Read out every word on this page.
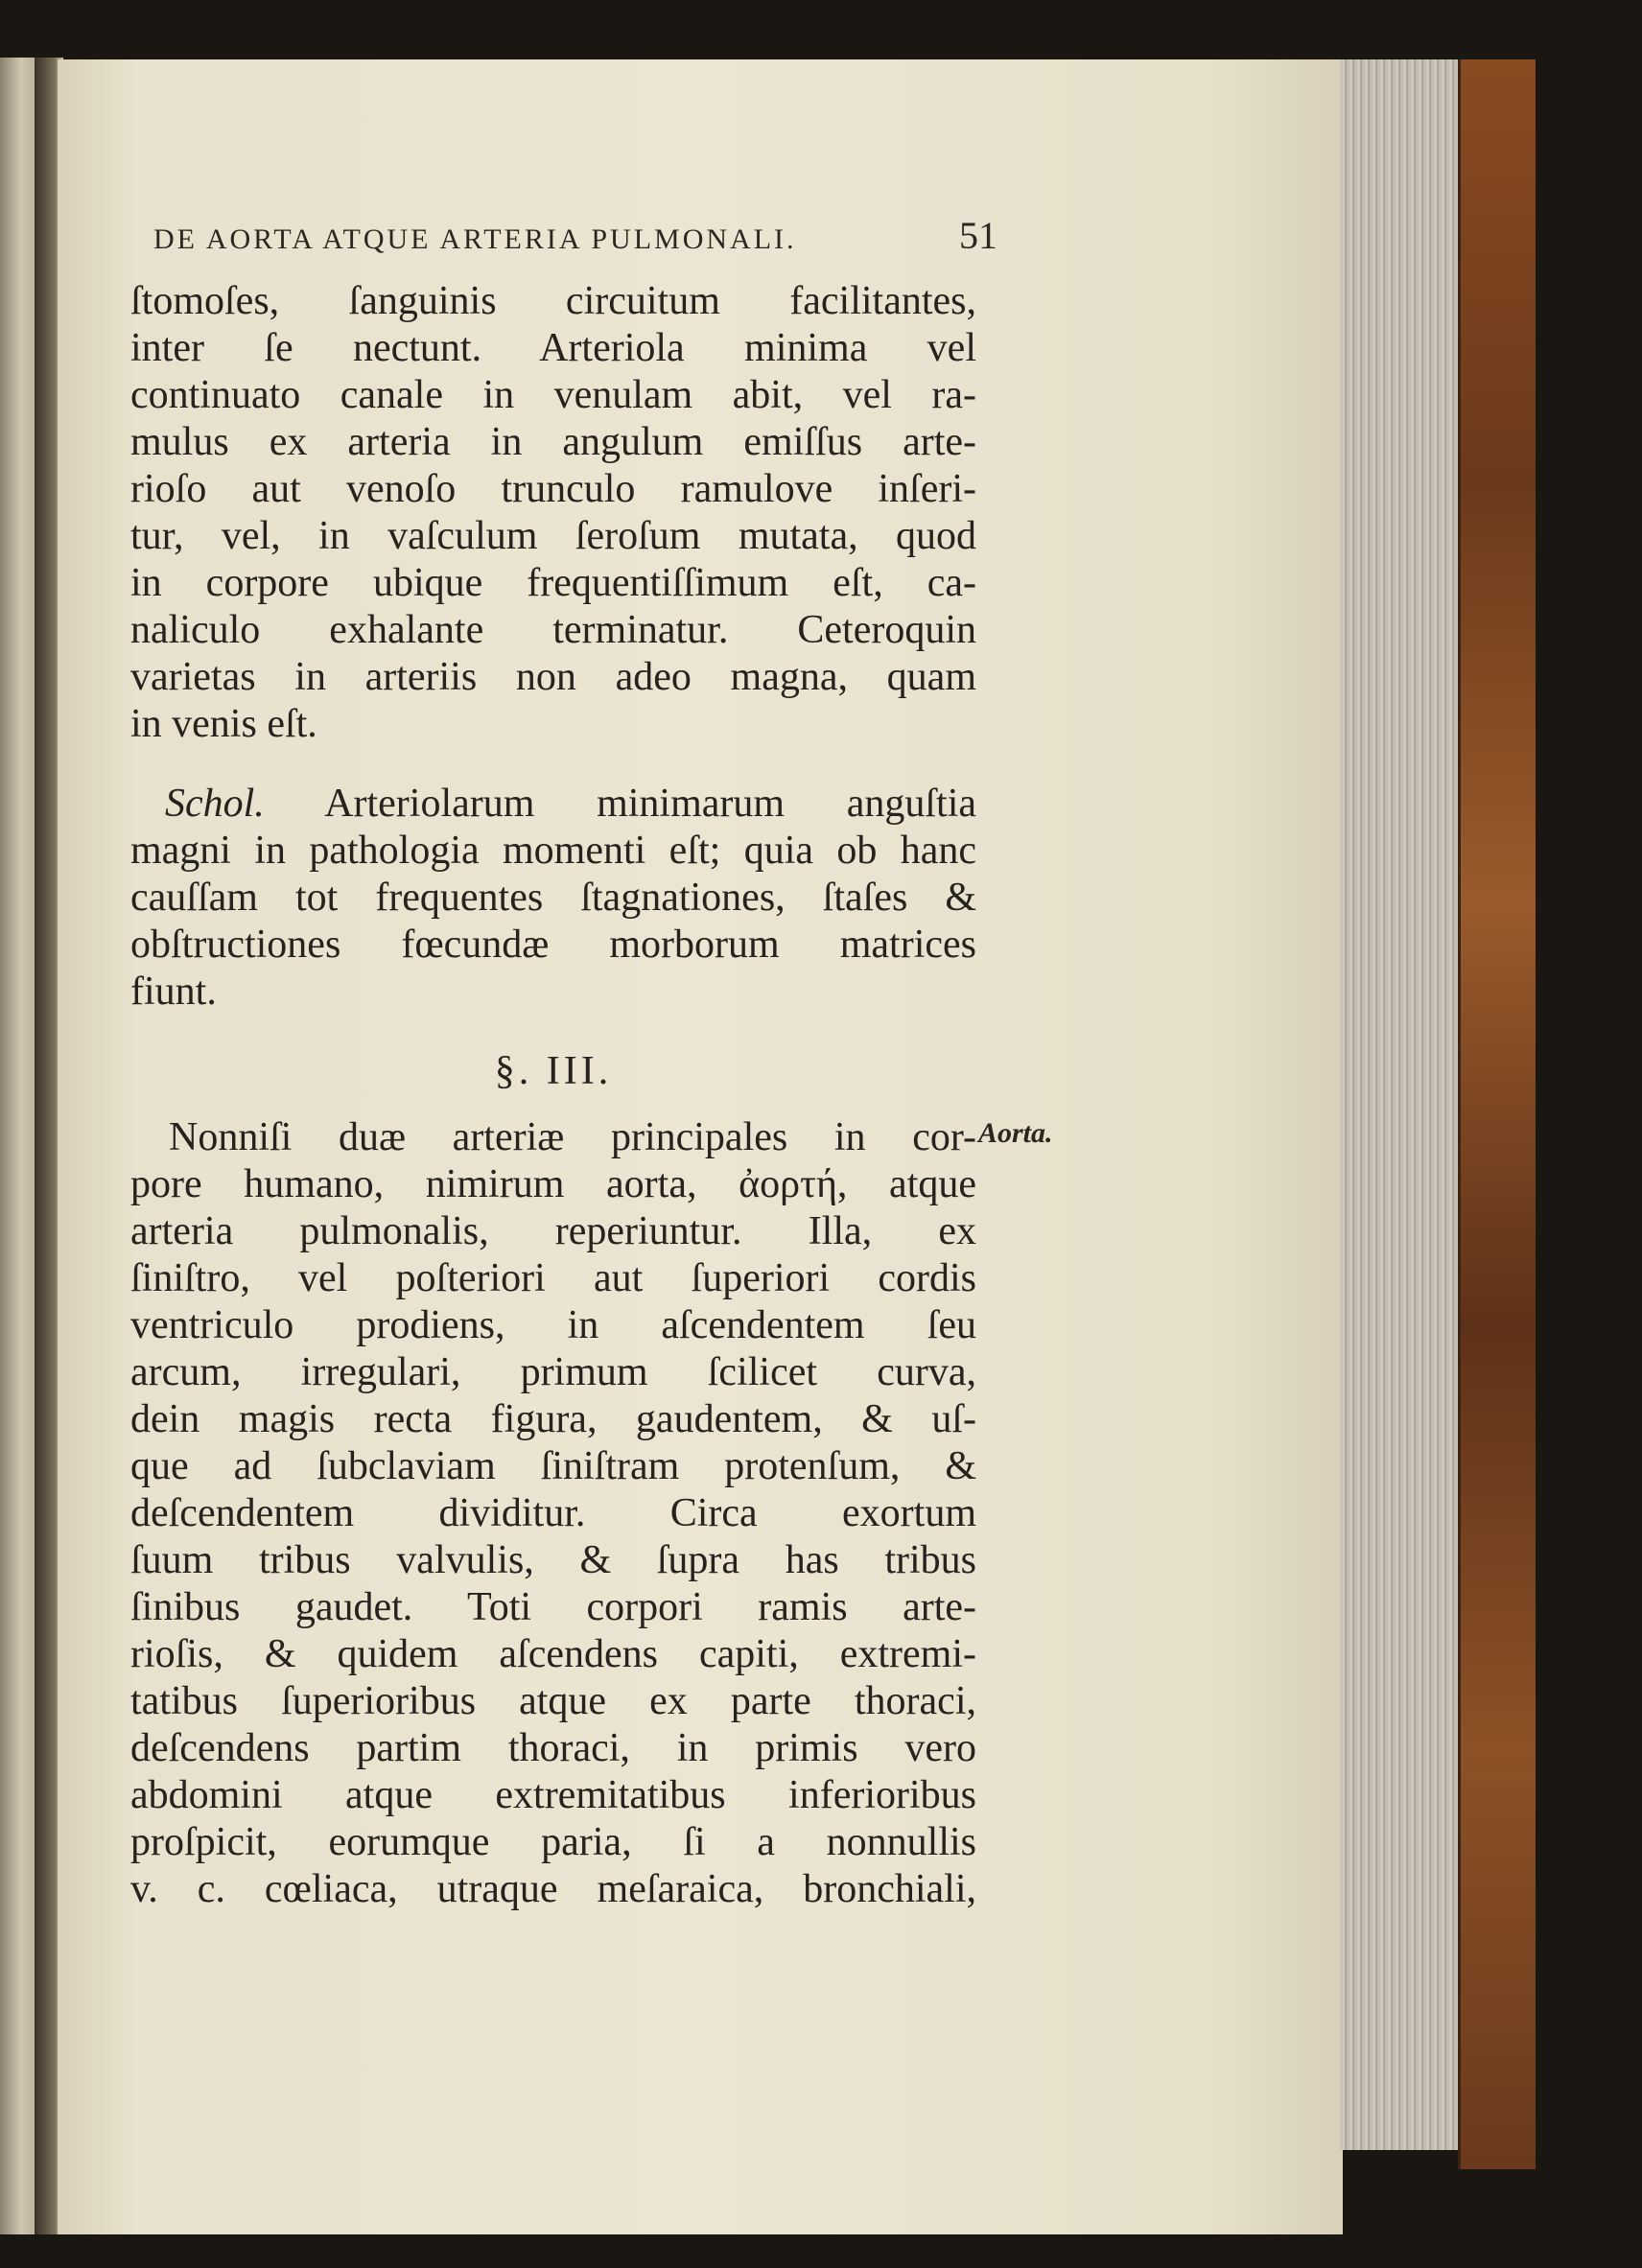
DE AORTA ATQUE ARTERIA PULMONALI.	51
ſtomoſes, ſanguinis circuitum facilitantes,
inter ſe nectunt. Arteriola minima vel
continuato canale in venulam abit, vel ra-
mulus ex arteria in angulum emiſſus arte-
rioſo aut venoſo trunculo ramulove inſeri-
tur, vel, in vaſculum ſeroſum mutata, quod
in corpore ubique frequentiſſimum eſt, ca-
naliculo exhalante terminatur. Ceteroquin
varietas in arteriis non adeo magna, quam
in venis eſt.
Schol. Arteriolarum minimarum anguſtia
magni in pathologia momenti eſt; quia ob hanc
cauſſam tot frequentes ſtagnationes, ſtaſes &
obſtructiones fœcundæ morborum matrices
fiunt.
§. III.
Nonniſi duæ arteriæ principales in cor-
pore humano, nimirum aorta, ἀορτή, atque
arteria pulmonalis, reperiuntur. Illa, ex
ſiniſtro, vel poſteriori aut ſuperiori cordis
ventriculo prodiens, in aſcendentem ſeu
arcum, irregulari, primum ſcilicet curva,
dein magis recta figura, gaudentem, & uſ-
que ad ſubclaviam ſiniſtram protenſum, &
deſcendentem dividitur. Circa exortum
ſuum tribus valvulis, & ſupra has tribus
ſinibus gaudet. Toti corpori ramis arte-
rioſis, & quidem aſcendens capiti, extremi-
tatibus ſuperioribus atque ex parte thoraci,
deſcendens partim thoraci, in primis vero
abdomini atque extremitatibus inferioribus
proſpicit, eorumque paria, ſi a nonnullis
v. c. cœliaca, utraque meſaraica, bronchiali,
Aorta.
